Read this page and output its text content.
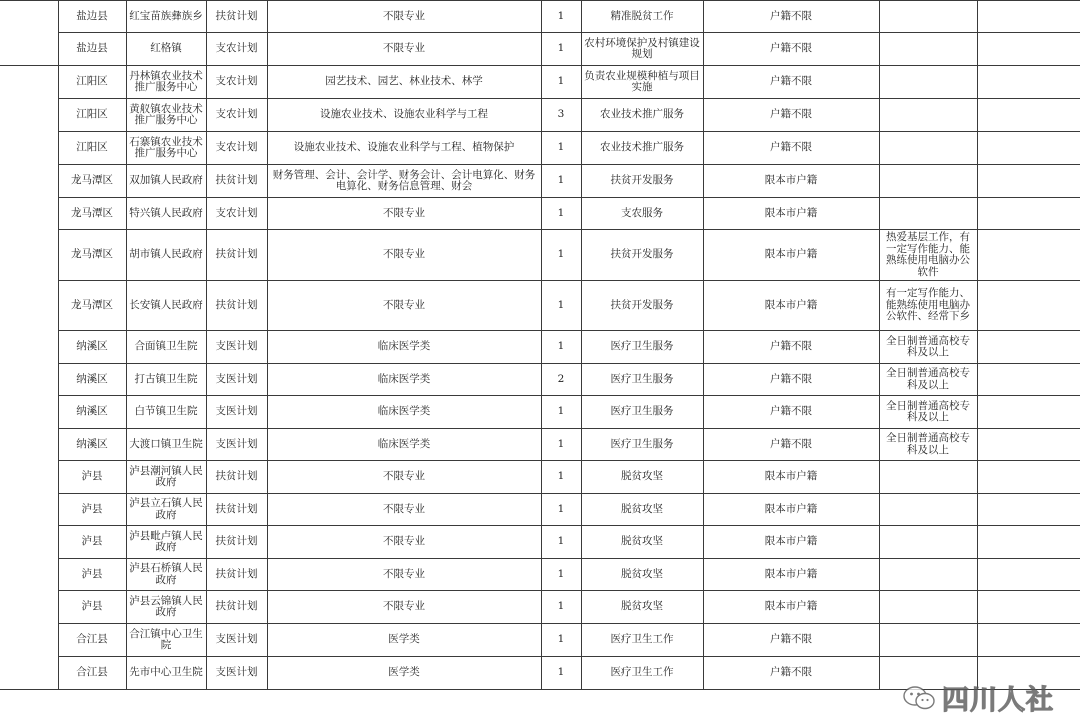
	盐边县	红宝苗族彝族乡	扶贫计划	不限专业	1	精准脱贫工作	户籍不限		
	盐边县	红格镇	支农计划	不限专业	1	农村环境保护及村镇建设规划	户籍不限		
	江阳区	丹林镇农业技术推广服务中心	支农计划	园艺技术、园艺、林业技术、林学	1	负责农业规模种植与项目实施	户籍不限		
	江阳区	黄舣镇农业技术推广服务中心	支农计划	设施农业技术、设施农业科学与工程	3	农业技术推广服务	户籍不限		
	江阳区	石寨镇农业技术推广服务中心	支农计划	设施农业技术、设施农业科学与工程、植物保护	1	农业技术推广服务	户籍不限		
	龙马潭区	双加镇人民政府	扶贫计划	财务管理、会计、会计学、财务会计、会计电算化、财务电算化、财务信息管理、财会	1	扶贫开发服务	限本市户籍		
	龙马潭区	特兴镇人民政府	支农计划	不限专业	1	支农服务	限本市户籍		
	龙马潭区	胡市镇人民政府	扶贫计划	不限专业	1	扶贫开发服务	限本市户籍	热爱基层工作，有一定写作能力、能熟练使用电脑办公软件	
	龙马潭区	长安镇人民政府	扶贫计划	不限专业	1	扶贫开发服务	限本市户籍	有一定写作能力、能熟练使用电脑办公软件、经常下乡	
	纳溪区	合面镇卫生院	支医计划	临床医学类	1	医疗卫生服务	户籍不限	全日制普通高校专科及以上	
	纳溪区	打古镇卫生院	支医计划	临床医学类	2	医疗卫生服务	户籍不限	全日制普通高校专科及以上	
	纳溪区	白节镇卫生院	支医计划	临床医学类	1	医疗卫生服务	户籍不限	全日制普通高校专科及以上	
	纳溪区	大渡口镇卫生院	支医计划	临床医学类	1	医疗卫生服务	户籍不限	全日制普通高校专科及以上	
	泸县	泸县潮河镇人民政府	扶贫计划	不限专业	1	脱贫攻坚	限本市户籍		
	泸县	泸县立石镇人民政府	扶贫计划	不限专业	1	脱贫攻坚	限本市户籍		
	泸县	泸县毗卢镇人民政府	扶贫计划	不限专业	1	脱贫攻坚	限本市户籍		
	泸县	泸县石桥镇人民政府	扶贫计划	不限专业	1	脱贫攻坚	限本市户籍		
	泸县	泸县云锦镇人民政府	扶贫计划	不限专业	1	脱贫攻坚	限本市户籍		
	合江县	合江镇中心卫生院	支医计划	医学类	1	医疗卫生工作	户籍不限		
	合江县	先市中心卫生院	支医计划	医学类	1	医疗卫生工作	户籍不限		
四川人社
